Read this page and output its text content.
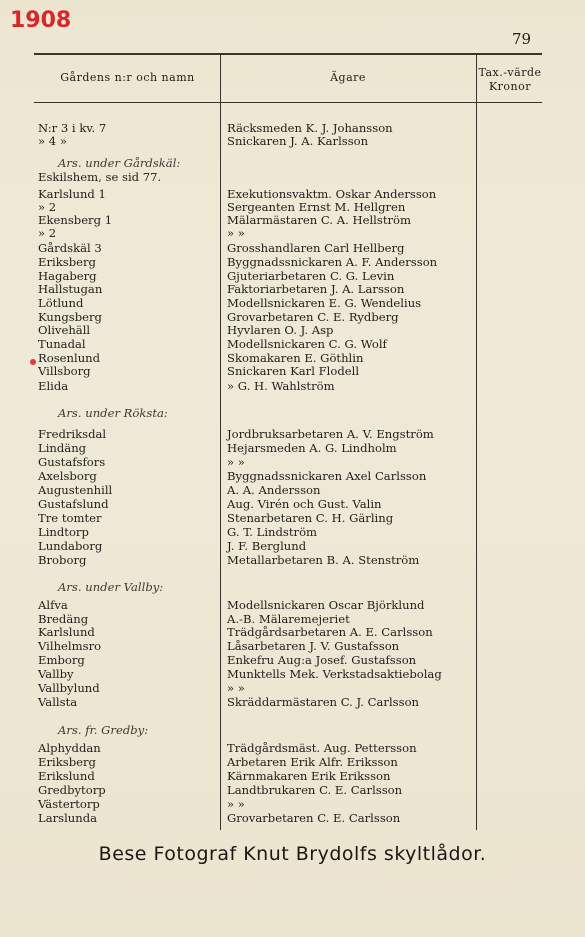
1908
79
Gårdens n:r och namn	Ägare	Tax.-värde
Kronor
N:r 3 i kv. 7	Räcksmeden K. J. Johansson
» 4 »	Snickaren J. A. Karlsson
Ars. under Gårdskäl:
Eskilshem, se sid 77.
Karlslund 1	Exekutionsvaktm. Oskar Andersson
» 2	Sergeanten Ernst M. Hellgren
Ekensberg 1	Mälarmästaren C. A. Hellström
» 2	» »
Gårdskäl 3	Grosshandlaren Carl Hellberg
Eriksberg	Byggnadssnickaren A. F. Andersson
Hagaberg	Gjuteriarbetaren C. G. Levin
Hallstugan	Faktoriarbetaren J. A. Larsson
Lötlund	Modellsnickaren E. G. Wendelius
Kungsberg	Grovarbetaren C. E. Rydberg
Olivehäll	Hyvlaren O. J. Asp
Tunadal	Modellsnickaren C. G. Wolf
Rosenlund	Skomakaren E. Göthlin
Villsborg	Snickaren Karl Flodell
Elida	» G. H. Wahlström
Ars. under Röksta:
Fredriksdal	Jordbruksarbetaren A. V. Engström
Lindäng	Hejarsmeden A. G. Lindholm
Gustafsfors	» »
Axelsborg	Byggnadssnickaren Axel Carlsson
Augustenhill	A. A. Andersson
Gustafslund	Aug. Virén och Gust. Valin
Tre tomter	Stenarbetaren C. H. Gärling
Lindtorp	G. T. Lindström
Lundaborg	J. F. Berglund
Broborg	Metallarbetaren B. A. Stenström
Ars. under Vallby:
Alfva	Modellsnickaren Oscar Björklund
Bredäng	A.-B. Mälaremejeriet
Karlslund	Trädgårdsarbetaren A. E. Carlsson
Vilhelmsro	Låsarbetaren J. V. Gustafsson
Emborg	Enkefru Aug:a Josef. Gustafsson
Vallby	Munktells Mek. Verkstadsaktiebolag
Vallbylund	» »
Vallsta	Skräddarmästaren C. J. Carlsson
Ars. fr. Gredby:
Alphyddan	Trädgårdsmäst. Aug. Pettersson
Eriksberg	Arbetaren Erik Alfr. Eriksson
Erikslund	Kärnmakaren Erik Eriksson
Gredbytorp	Landtbrukaren C. E. Carlsson
Västertorp	» »
Larslunda	Grovarbetaren C. E. Carlsson
Bese Fotograf Knut Brydolfs skyltlådor.
